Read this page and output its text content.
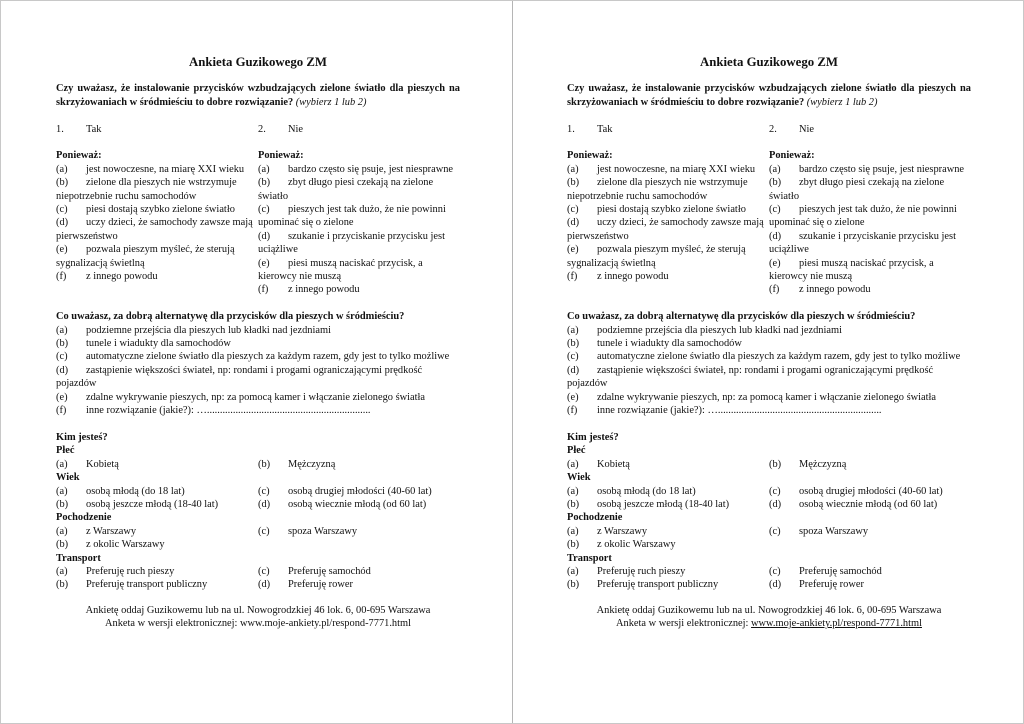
Ankieta Guzikowego ZM
Czy uważasz, że instalowanie przycisków wzbudzających zielone światło dla pieszych na skrzyżowaniach w śródmieściu to dobre rozwiązanie? (wybierz 1 lub 2)
1.	Tak	2.	Nie
Ponieważ:
(a) jest nowoczesne, na miarę XXI wieku
(b) zielone dla pieszych nie wstrzymuje niepotrzebnie ruchu samochodów
(c) piesi dostają szybko zielone światło
(d) uczy dzieci, że samochody zawsze mają pierwszeństwo
(e) pozwala pieszym myśleć, że sterują sygnalizacją świetlną
(f) z innego powodu
Ponieważ:
(a) bardzo często się psuje, jest niesprawne
(b) zbyt długo piesi czekają na zielone światło
(c) pieszych jest tak dużo, że nie powinni upominać się o zielone
(d) szukanie i przyciskanie przycisku jest uciążliwe
(e) piesi muszą naciskać przycisk, a kierowcy nie muszą
(f) z innego powodu
Co uważasz, za dobrą alternatywę dla przycisków dla pieszych w śródmieściu?
(a) podziemne przejścia dla pieszych lub kładki nad jezdniami
(b) tunele i wiadukty dla samochodów
(c) automatyczne zielone światło dla pieszych za każdym razem, gdy jest to tylko możliwe
(d) zastąpienie większości świateł, np: rondami i progami ograniczającymi prędkość pojazdów
(e) zdalne wykrywanie pieszych, np: za pomocą kamer i włączanie zielonego światła
(f) inne rozwiązanie (jakie?): …...............................................................
Kim jesteś?
Płeć
(a)	Kobietą	(b)	Mężczyzną
Wiek
(a)	osobą młodą (do 18 lat)	(c)	osobą drugiej młodości (40-60 lat)
(b)	osobą jeszcze młodą (18-40 lat)	(d)	osobą wiecznie młodą (od 60 lat)
Pochodzenie
(a)	z Warszawy	(c)	spoza Warszawy
(b)	z okolic Warszawy
Transport
(a)	Preferuję ruch pieszy	(c)	Preferuję samochód
(b)	Preferuję transport publiczny	(d)	Preferuję rower
Ankietę oddaj Guzikowemu lub na ul. Nowogrodzkiej 46 lok. 6, 00-695 Warszawa
Anketa w wersji elektronicznej: www.moje-ankiety.pl/respond-7771.html
Ankieta Guzikowego ZM
Czy uważasz, że instalowanie przycisków wzbudzających zielone światło dla pieszych na skrzyżowaniach w śródmieściu to dobre rozwiązanie? (wybierz 1 lub 2)
1.	Tak	2.	Nie
Ponieważ:
(a) jest nowoczesne, na miarę XXI wieku
(b) zielone dla pieszych nie wstrzymuje niepotrzebnie ruchu samochodów
(c) piesi dostają szybko zielone światło
(d) uczy dzieci, że samochody zawsze mają pierwszeństwo
(e) pozwala pieszym myśleć, że sterują sygnalizacją świetlną
(f) z innego powodu
Ponieważ:
(a) bardzo często się psuje, jest niesprawne
(b) zbyt długo piesi czekają na zielone światło
(c) pieszych jest tak dużo, że nie powinni upominać się o zielone
(d) szukanie i przyciskanie przycisku jest uciążliwe
(e) piesi muszą naciskać przycisk, a kierowcy nie muszą
(f) z innego powodu
Co uważasz, za dobrą alternatywę dla przycisków dla pieszych w śródmieściu?
(a) podziemne przejścia dla pieszych lub kładki nad jezdniami
(b) tunele i wiadukty dla samochodów
(c) automatyczne zielone światło dla pieszych za każdym razem, gdy jest to tylko możliwe
(d) zastąpienie większości świateł, np: rondami i progami ograniczającymi prędkość pojazdów
(e) zdalne wykrywanie pieszych, np: za pomocą kamer i włączanie zielonego światła
(f) inne rozwiązanie (jakie?): …...............................................................
Kim jesteś?
Płeć
(a)	Kobietą	(b)	Mężczyzną
Wiek
(a)	osobą młodą (do 18 lat)	(c)	osobą drugiej młodości (40-60 lat)
(b)	osobą jeszcze młodą (18-40 lat)	(d)	osobą wiecznie młodą (od 60 lat)
Pochodzenie
(a)	z Warszawy	(c)	spoza Warszawy
(b)	z okolic Warszawy
Transport
(a)	Preferuję ruch pieszy	(c)	Preferuję samochód
(b)	Preferuję transport publiczny	(d)	Preferuję rower
Ankietę oddaj Guzikowemu lub na ul. Nowogrodzkiej 46 lok. 6, 00-695 Warszawa
Anketa w wersji elektronicznej: www.moje-ankiety.pl/respond-7771.html
